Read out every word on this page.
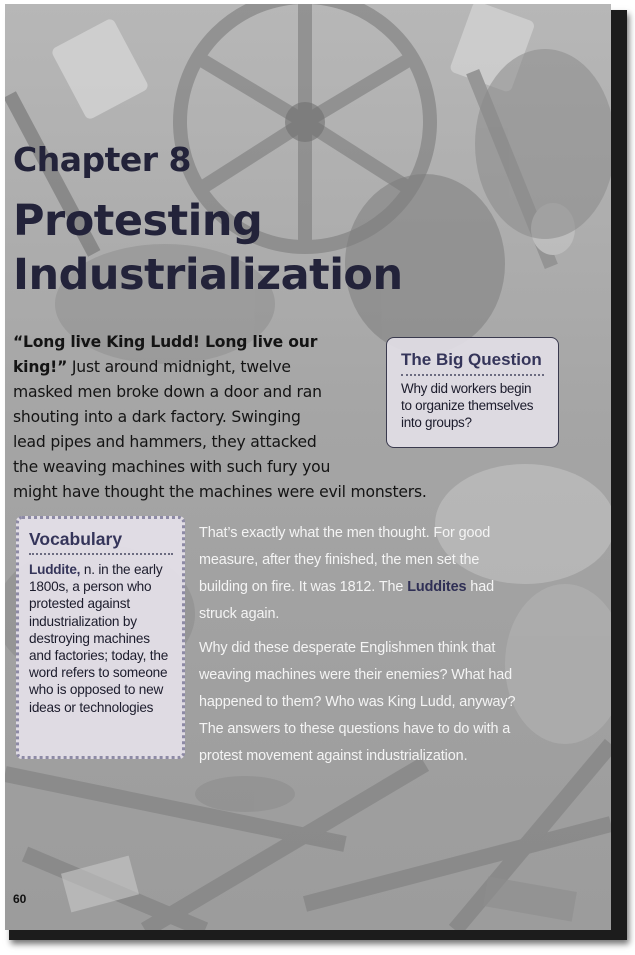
Chapter 8
Protesting
Industrialization
“Long live King Ludd! Long live our
king!” Just around midnight, twelve
masked men broke down a door and ran
shouting into a dark factory. Swinging
lead pipes and hammers, they attacked
the weaving machines with such fury you
might have thought the machines were evil monsters.
The Big Question
Why did workers begin to organize themselves into groups?
Vocabulary
Luddite, n. in the early 1800s, a person who protested against industrialization by destroying machines and factories; today, the word refers to someone who is opposed to new ideas or technologies

That’s exactly what the men thought. For good
measure, after they finished, the men set the
building on fire. It was 1812. The Luddites had
struck again.

Why did these desperate Englishmen think that
weaving machines were their enemies? What had
happened to them? Who was King Ludd, anyway?
The answers to these questions have to do with a
protest movement against industrialization.

60
